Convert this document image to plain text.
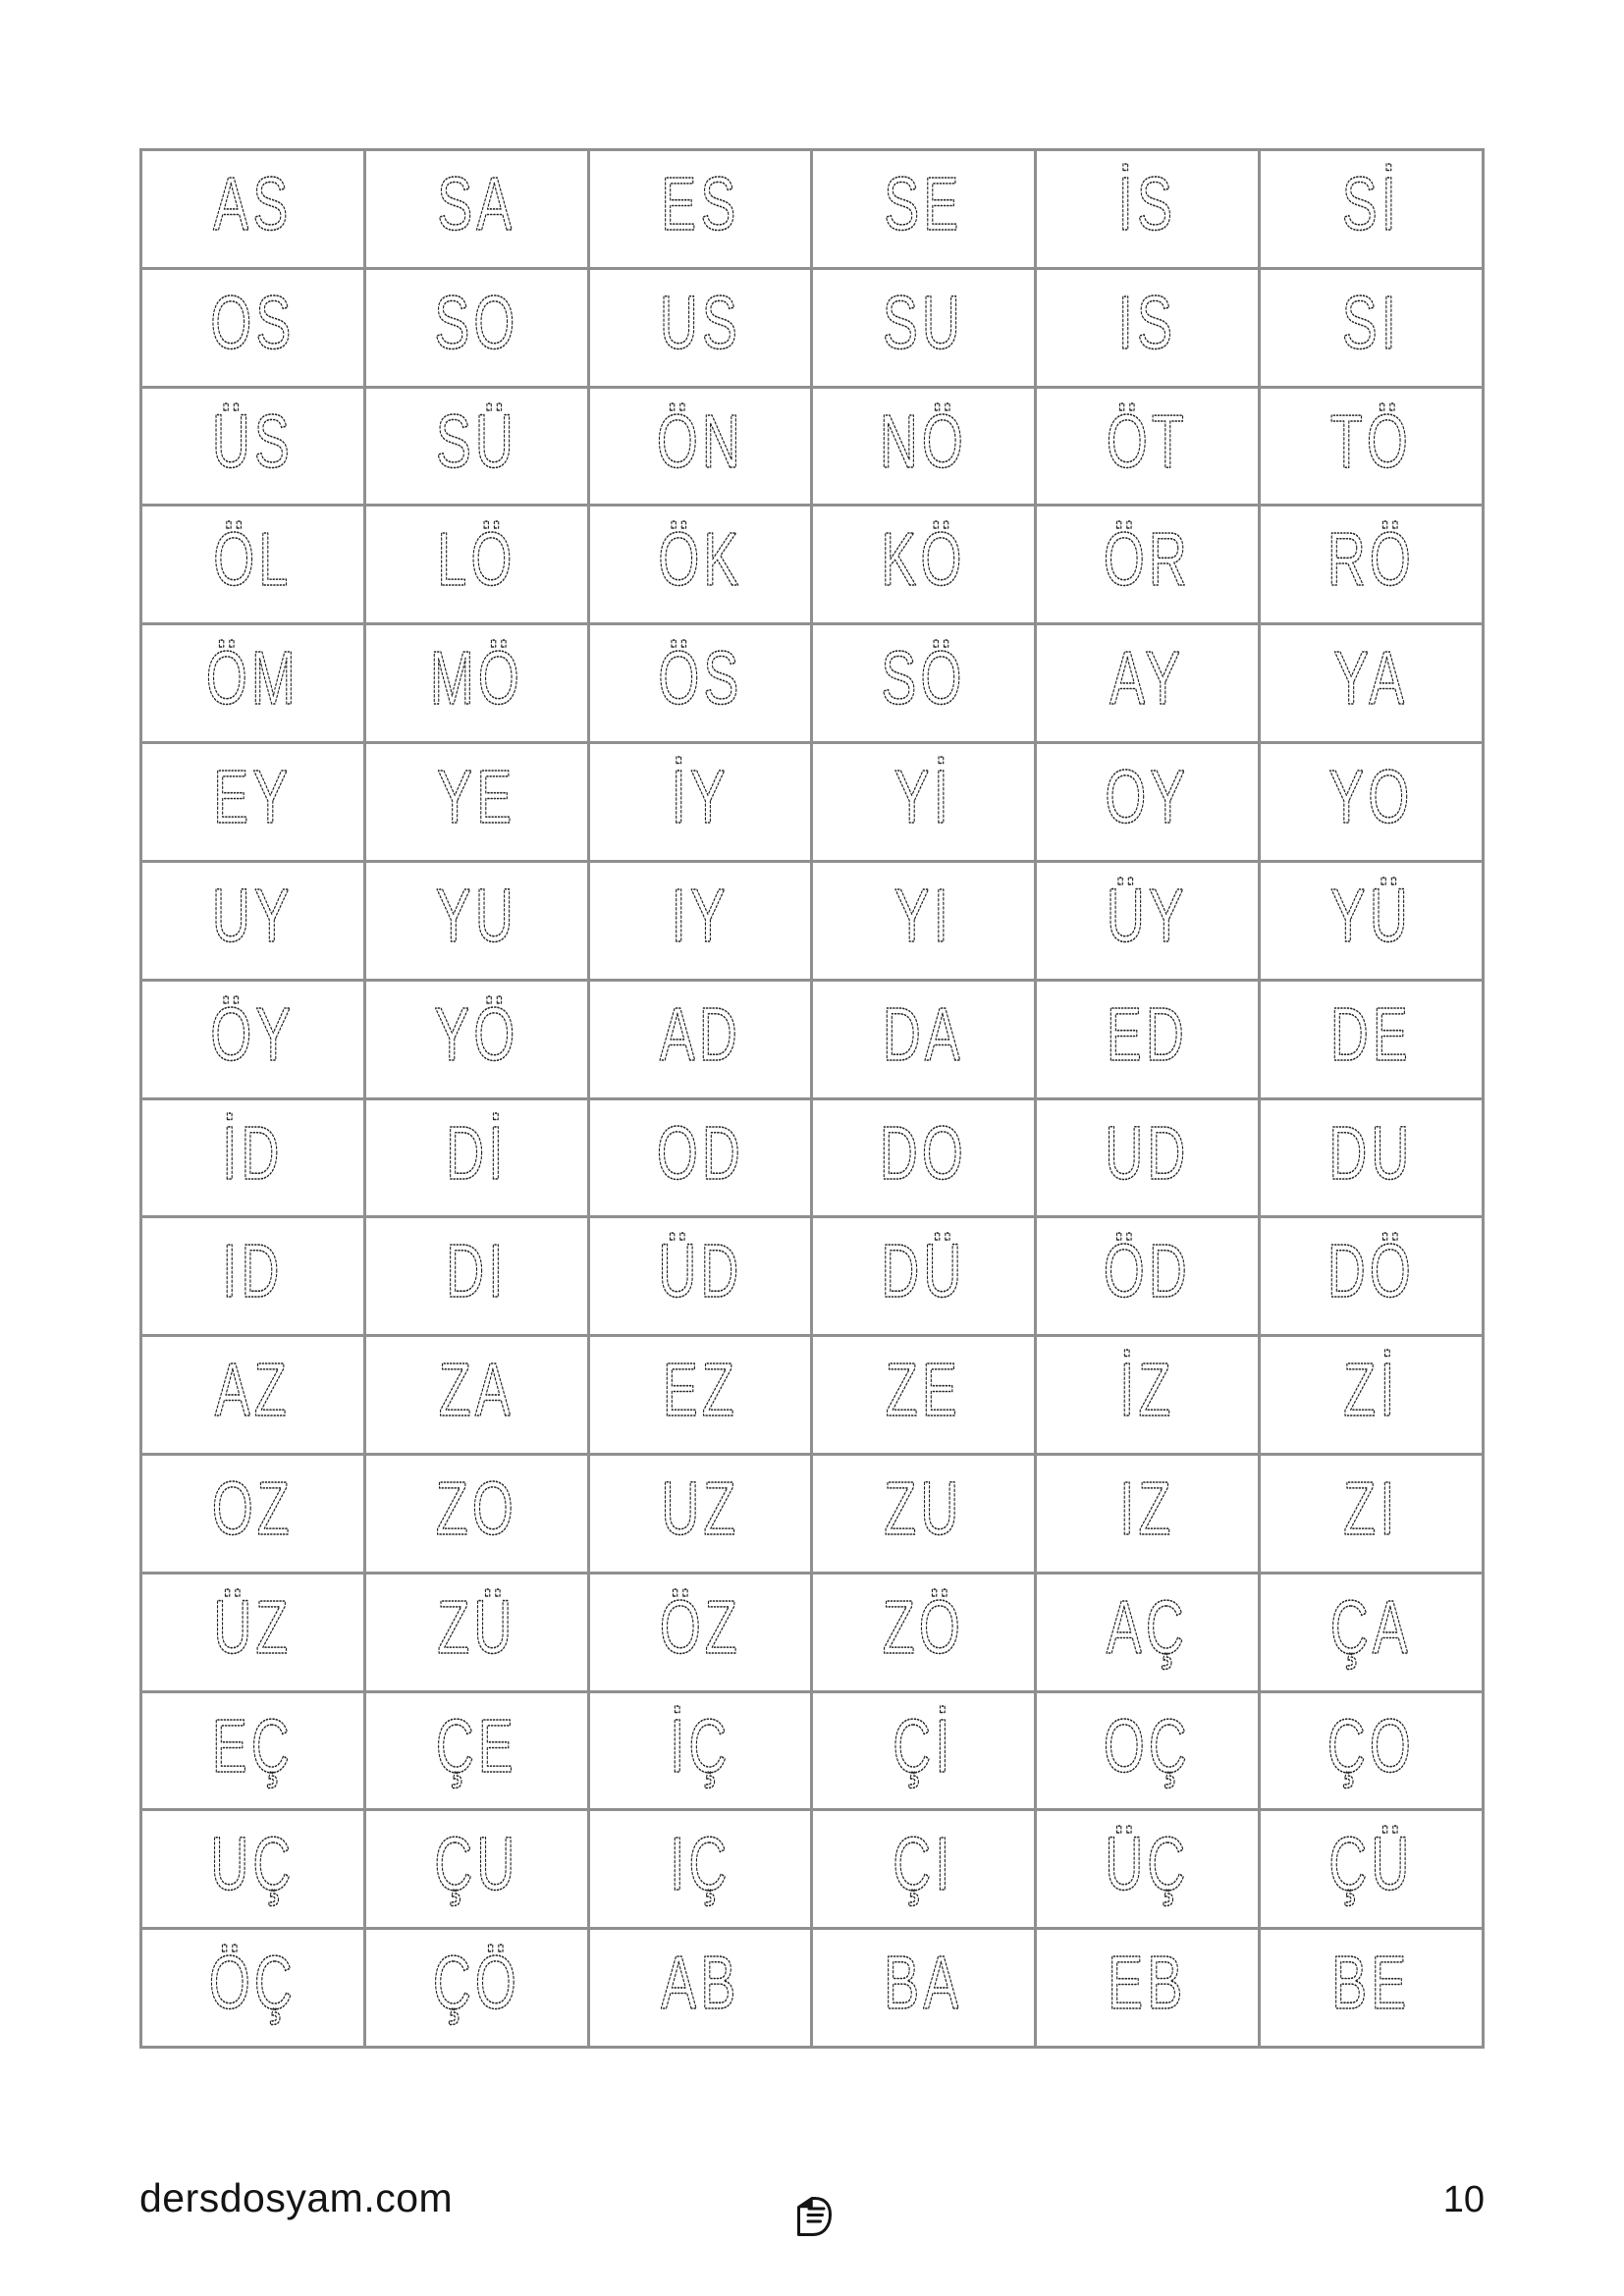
AS SA ES SE İS Sİ
OS SO US SU IS SI
ÜS SÜ ÖN NÖ ÖT TÖ
ÖL LÖ ÖK KÖ ÖR RÖ
ÖM MÖ ÖS SÖ AY YA
EY YE İY Yİ OY YO
UY YU IY YI ÜY YÜ
ÖY YÖ AD DA ED DE
İD Dİ OD DO UD DU
ID DI ÜD DÜ ÖD DÖ
AZ ZA EZ ZE İZ Zİ
OZ ZO UZ ZU IZ ZI
ÜZ ZÜ ÖZ ZÖ AÇ ÇA
EÇ ÇE İÇ Çİ OÇ ÇO
UÇ ÇU IÇ ÇI ÜÇ ÇÜ
ÖÇ ÇÖ AB BA EB BE
dersdosyam.com	10
